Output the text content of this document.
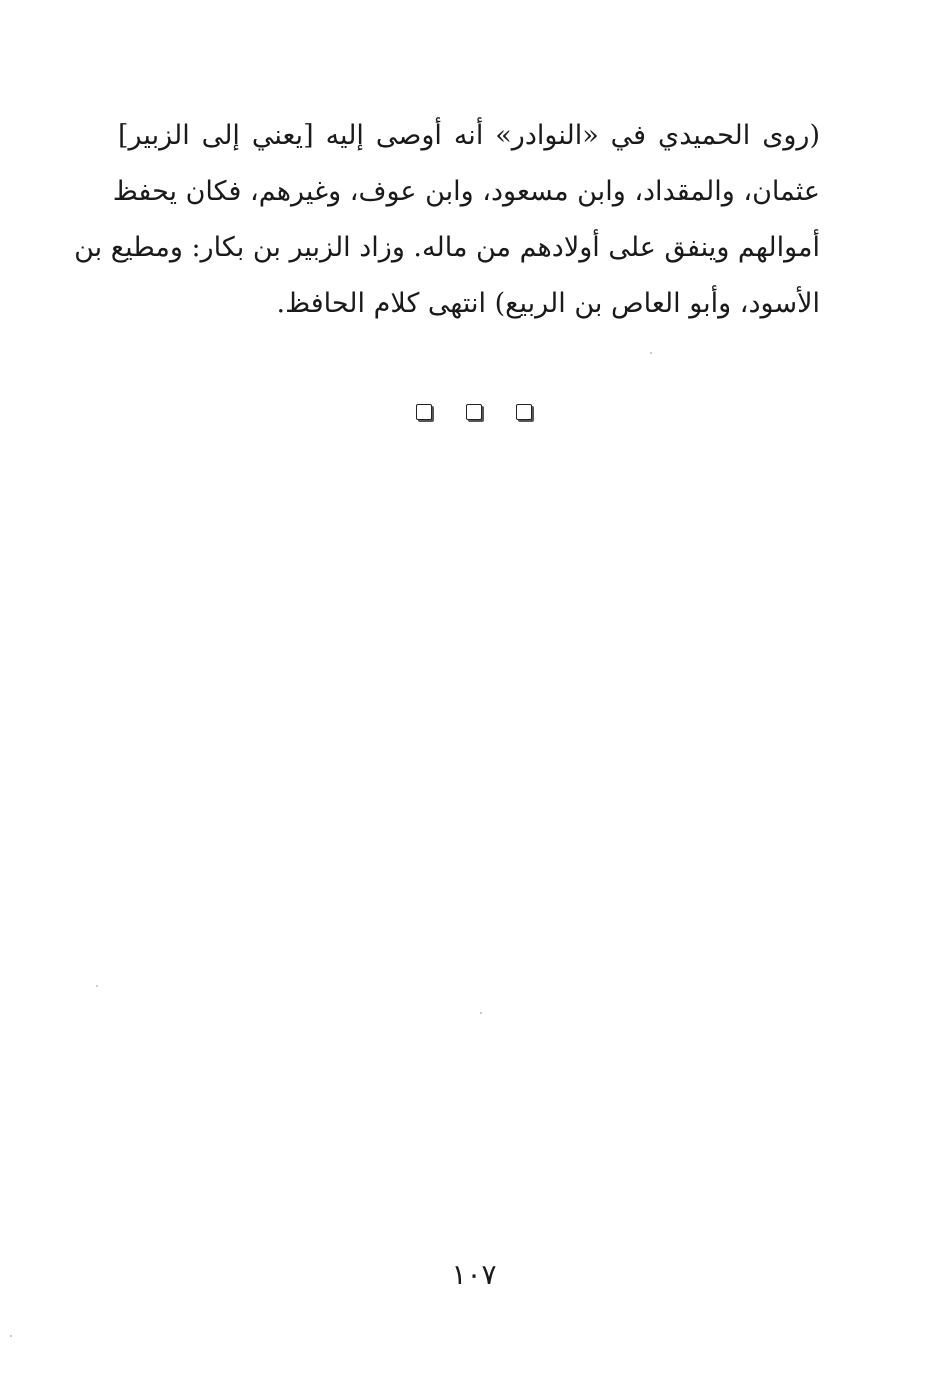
(روى الحميدي في «النوادر» أنه أوصى إليه [يعني إلى الزبير]
عثمان، والمقداد، وابن مسعود، وابن عوف، وغيرهم، فكان يحفظ
أموالهم وينفق على أولادهم من ماله. وزاد الزبير بن بكار: ومطيع بن
الأسود، وأبو العاص بن الربيع) انتهى كلام الحافظ.
١٠٧
